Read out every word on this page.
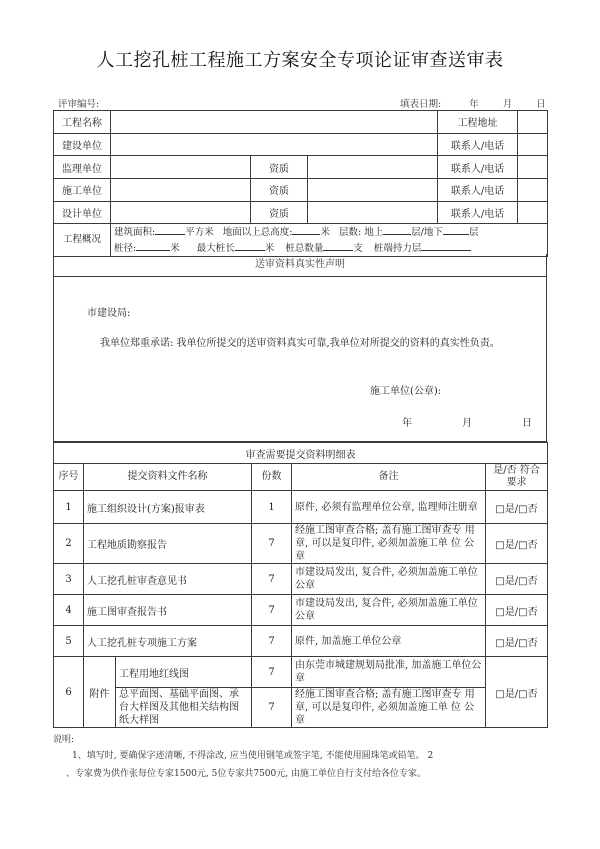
人工挖孔桩工程施工方案安全专项论证审查送审表
评审编号:	填表日期:	年	月	日
工程名称				工程地址	
建设单位				联系人/电话	
监理单位		资质		联系人/电话	
施工单位		资质		联系人/电话	
设计单位		资质		联系人/电话	
工程概况	建筑面积: 平方米 地面以上总高度: 米 层数: 地上 层/地下 层
桩径: 米 最大桩长 米 桩总数量 支 桩端持力层				
送审资料真实性声明
市建设局:
我单位郑重承诺: 我单位所提交的送审资料真实可靠,我单位对所提交的资料的真实性负责。
施工单位(公章):
年	月	日
审查需要提交资料明细表					
序号	提交资料文件名称		份数	备注	是/否 符合要求
1	施工组织设计(方案)报审表		1	原件, 必须有监理单位公章, 监理师注册章	□是/□否
2	工程地质勘察报告		7	经施工图审查合格; 盖有施工图审查专 用章, 可以是复印件, 必须加盖施工单 位 公章	□是/□否
3	人工挖孔桩审查意见书		7	市建设局发出, 复合件, 必须加盖施工单位公章	□是/□否
4	施工图审查报告书		7	市建设局发出, 复合件, 必须加盖施工单位公章	□是/□否
5	人工挖孔桩专项施工方案		7	原件, 加盖施工单位公章	□是/□否
6	附件	工程用地红线图	7	由东莞市城建规划局批准, 加盖施工单位公章	□是/□否
		总平面图、基础平面图、承台大样图及其他相关结构图纸大样图	7	经施工图审查合格; 盖有施工图审查专 用章, 可以是复印件, 必须加盖施工单 位 公章	
说明:
1、填写时, 要确保字迹清晰, 不得涂改, 应当使用钢笔或签字笔, 不能使用圆珠笔或铅笔。 2
、专家费为供作张每位专家1500元, 5位专家共7500元, 由施工单位自行支付给各位专家。
